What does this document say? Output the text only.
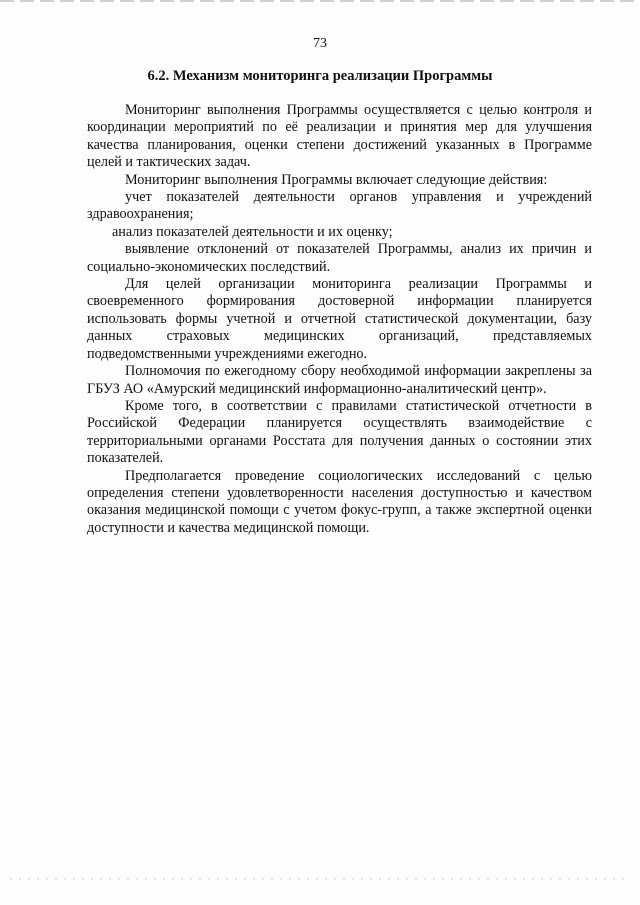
73
6.2. Механизм мониторинга реализации Программы

Мониторинг выполнения Программы осуществляется с целью контроля и координации мероприятий по её реализации и принятия мер для улучшения качества планирования, оценки степени достижений указанных в Программе целей и тактических задач.

Мониторинг выполнения Программы включает следующие действия:

учет показателей деятельности органов управления и учреждений здравоохранения;

анализ показателей деятельности и их оценку;

выявление отклонений от показателей Программы, анализ их причин и социально-экономических последствий.

Для целей организации мониторинга реализации Программы и своевременного формирования достоверной информации планируется использовать формы учетной и отчетной статистической документации, базу данных страховых медицинских организаций, представляемых подведомственными учреждениями ежегодно.

Полномочия по ежегодному сбору необходимой информации закреплены за ГБУЗ АО «Амурский медицинский информационно-аналитический центр».

Кроме того, в соответствии с правилами статистической отчетности в Российской Федерации планируется осуществлять взаимодействие с территориальными органами Росстата для получения данных о состоянии этих показателей.

Предполагается проведение социологических исследований с целью определения степени удовлетворенности населения доступностью и качеством оказания медицинской помощи с учетом фокус-групп, а также экспертной оценки доступности и качества медицинской помощи.
